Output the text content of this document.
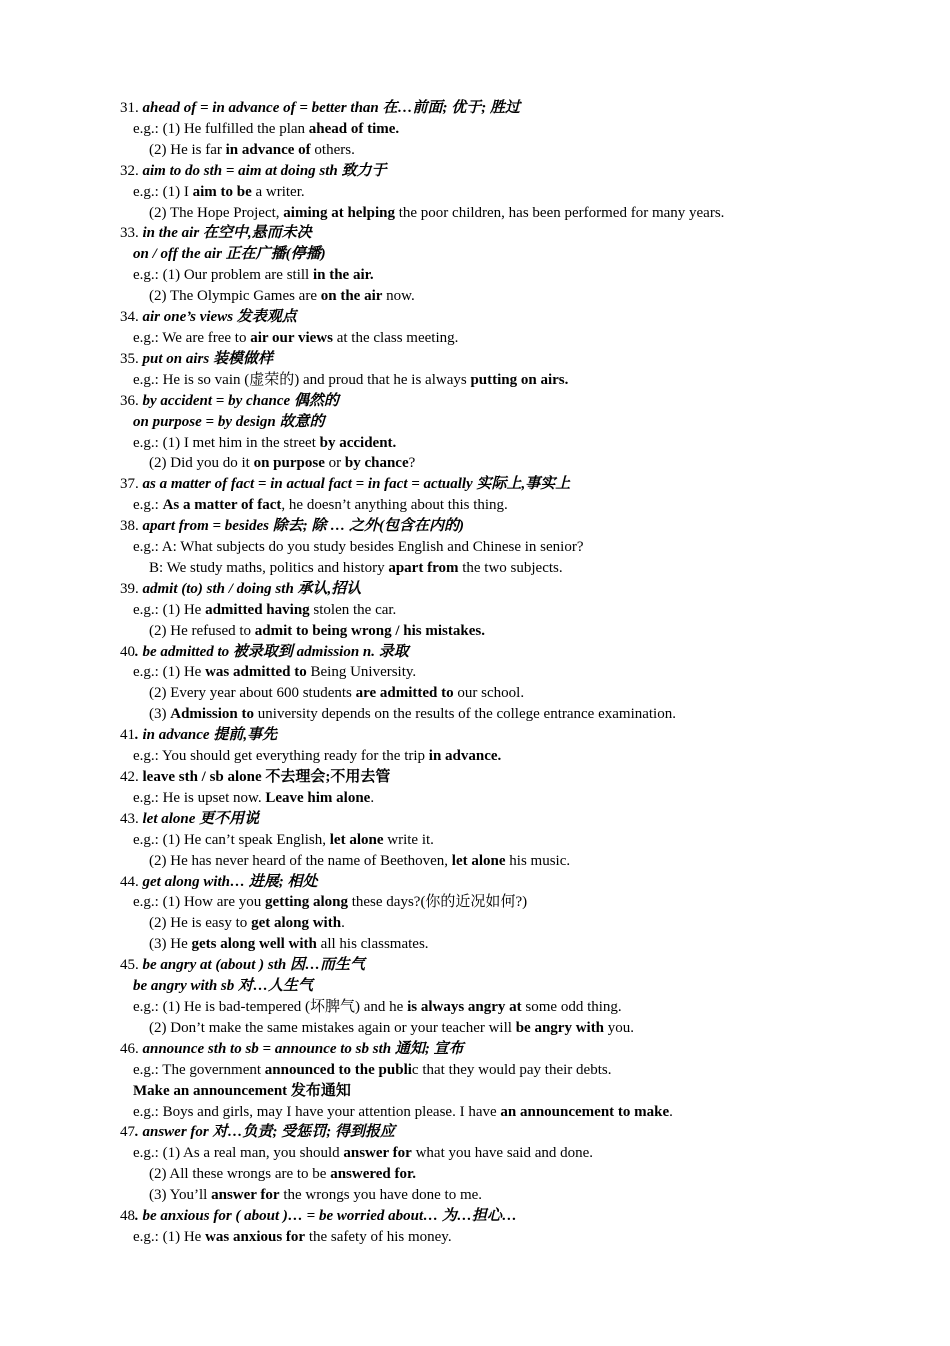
31. ahead of = in advance of = better than 在…前面; 优于; 胜过
e.g.: (1) He fulfilled the plan ahead of time.
(2) He is far in advance of others.
32. aim to do sth = aim at doing sth 致力于
e.g.: (1) I aim to be a writer.
(2) The Hope Project, aiming at helping the poor children, has been performed for many years.
33. in the air 在空中,悬而未决
on / off the air 正在广播(停播)
e.g.: (1) Our problem are still in the air.
(2) The Olympic Games are on the air now.
34. air one’s views 发表观点
e.g.: We are free to air our views at the class meeting.
35. put on airs 装模做样
e.g.: He is so vain (虚荣的) and proud that he is always putting on airs.
36. by accident = by chance 偶然的
on purpose = by design 故意的
e.g.: (1) I met him in the street by accident.
(2) Did you do it on purpose or by chance?
37. as a matter of fact = in actual fact = in fact = actually 实际上,事实上
e.g.: As a matter of fact, he doesn’t anything about this thing.
38. apart from = besides 除去; 除 … 之外(包含在内的)
e.g.: A: What subjects do you study besides English and Chinese in senior?
B: We study maths, politics and history apart from the two subjects.
39. admit (to) sth / doing sth 承认,招认
e.g.: (1) He admitted having stolen the car.
(2) He refused to admit to being wrong / his mistakes.
40. be admitted to 被录取到 admission n. 录取
e.g.: (1) He was admitted to Being University.
(2) Every year about 600 students are admitted to our school.
(3) Admission to university depends on the results of the college entrance examination.
41. in advance 提前,事先
e.g.: You should get everything ready for the trip in advance.
42. leave sth / sb alone 不去理会;不用去管
e.g.: He is upset now. Leave him alone.
43. let alone 更不用说
e.g.: (1) He can’t speak English, let alone write it.
(2) He has never heard of the name of Beethoven, let alone his music.
44. get along with… 进展; 相处
e.g.: (1) How are you getting along these days?(你的近况如何?)
(2) He is easy to get along with.
(3) He gets along well with all his classmates.
45. be angry at (about ) sth 因…而生气
be angry with sb 对…人生气
e.g.: (1) He is bad-tempered (坏脾气) and he is always angry at some odd thing.
(2) Don’t make the same mistakes again or your teacher will be angry with you.
46. announce sth to sb = announce to sb sth 通知; 宣布
e.g.: The government announced to the public that they would pay their debts.
Make an announcement 发布通知
e.g.: Boys and girls, may I have your attention please. I have an announcement to make.
47. answer for 对…负责; 受惩罚; 得到报应
e.g.: (1) As a real man, you should answer for what you have said and done.
(2) All these wrongs are to be answered for.
(3) You’ll answer for the wrongs you have done to me.
48. be anxious for ( about )… = be worried about… 为…担心…
e.g.: (1) He was anxious for the safety of his money.
